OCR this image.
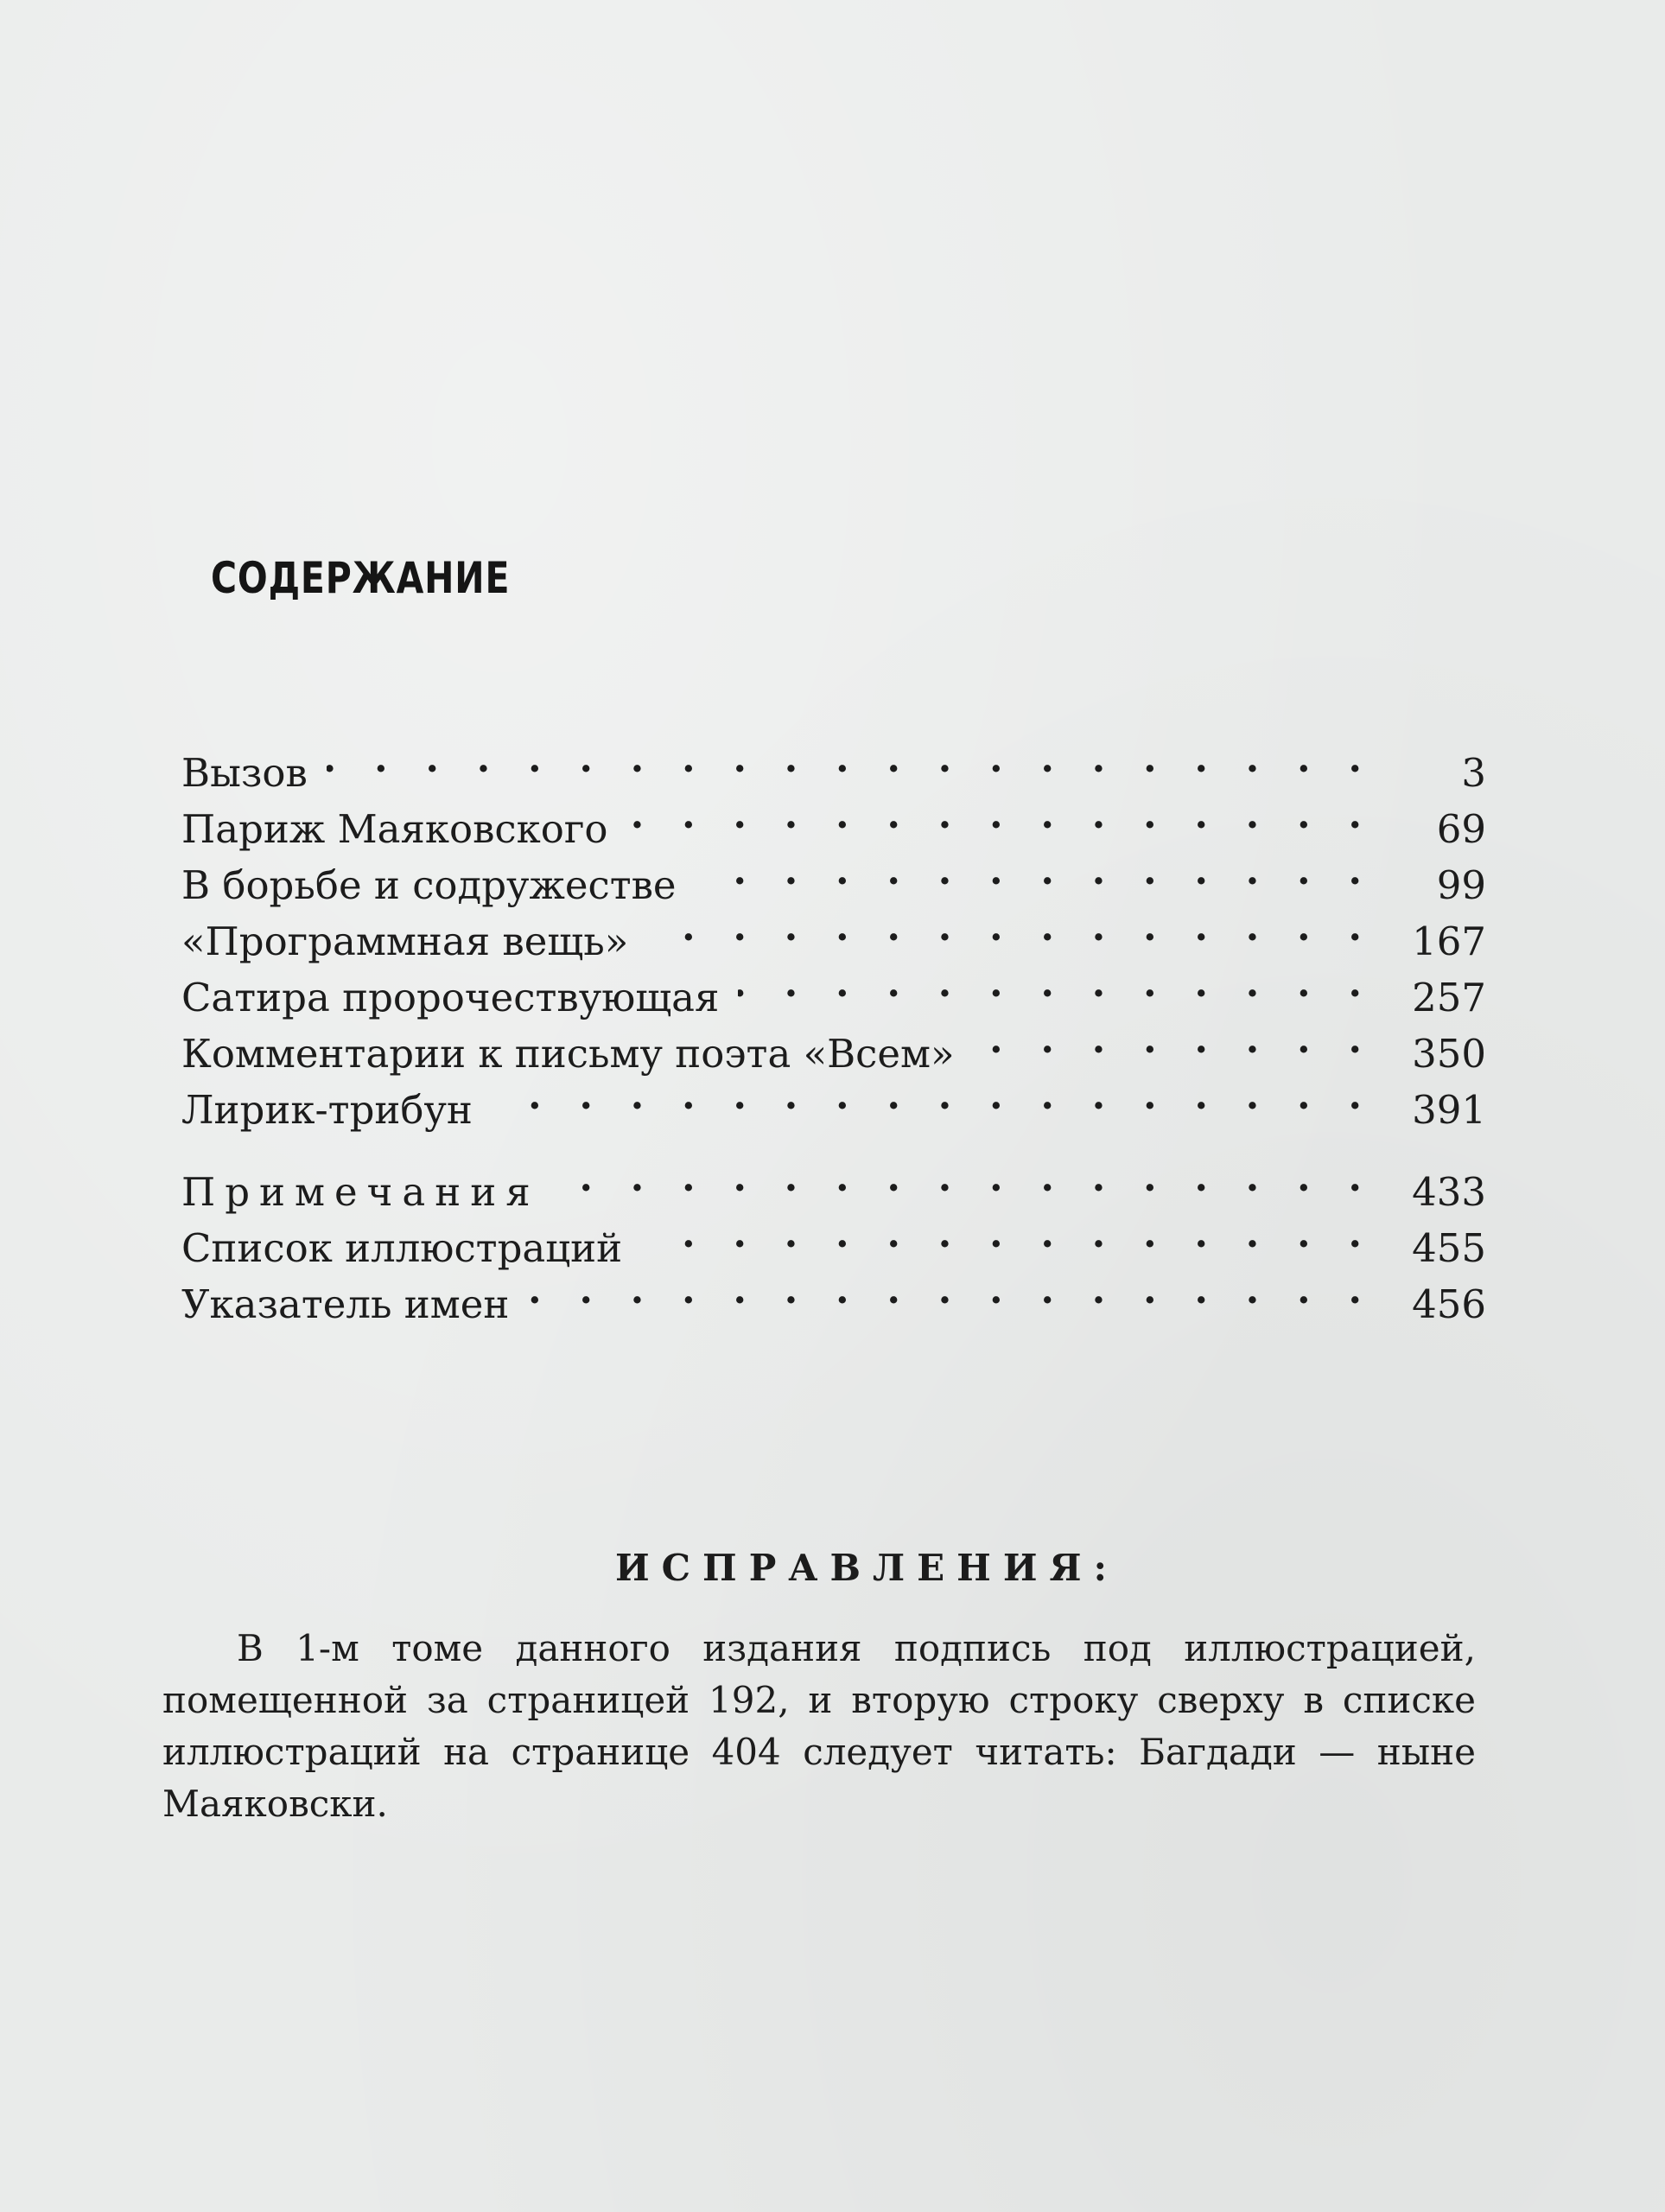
СОДЕРЖАНИЕ
Вызов . . .	3
Париж Маяковского . . .	69
В борьбе и содружестве . . .	99
«Программная вещь» . . .	167
Сатира пророчествующая . . .	257
Комментарии к письму поэта «Всем» . . .	350
Лирик-трибун . . .	391
Примечания . . .	433
Список иллюстраций . . .	455
Указатель имен . . .	456
ИСПРАВЛЕНИЯ:

В 1-м томе данного издания подпись под иллюстрацией, помещенной за страницей 192, и вторую строку сверху в списке иллюстраций на странице 404 следует читать: Багдади — ныне Маяковски.
